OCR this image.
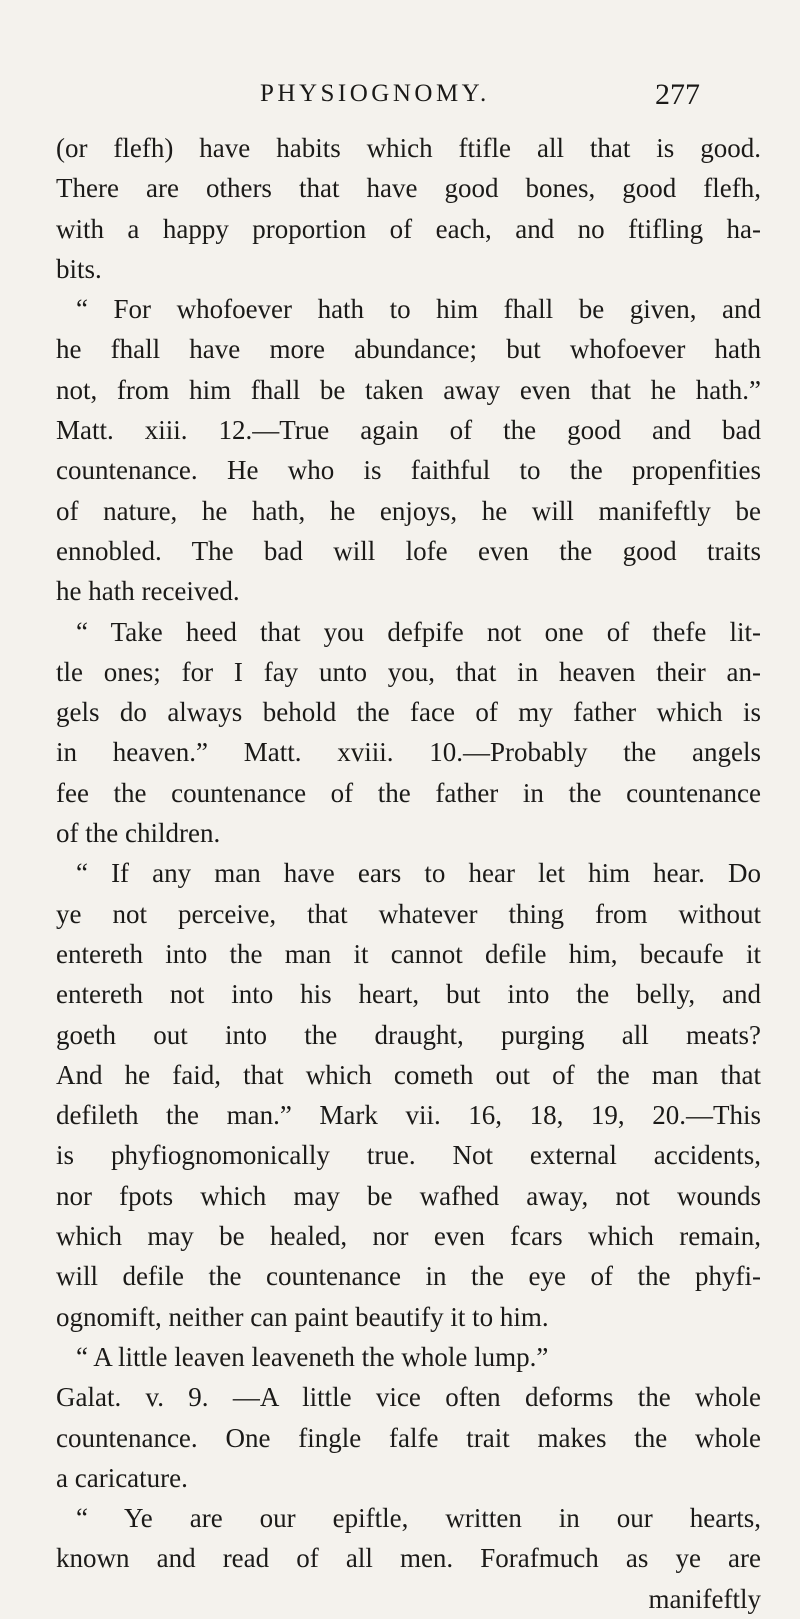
PHYSIOGNOMY.	277
(or flefh) have habits which ftifle all that is good.
There are others that have good bones, good flefh,
with a happy proportion of each, and no ftifling ha-
bits.
“ For whofoever hath to him fhall be given, and
he fhall have more abundance; but whofoever hath
not, from him fhall be taken away even that he hath.”
Matt. xiii. 12.—True again of the good and bad
countenance. He who is faithful to the propenfities
of nature, he hath, he enjoys, he will manifeftly be
ennobled. The bad will lofe even the good traits
he hath received.
“ Take heed that you defpife not one of thefe lit-
tle ones; for I fay unto you, that in heaven their an-
gels do always behold the face of my father which is
in heaven.” Matt. xviii. 10.—Probably the angels
fee the countenance of the father in the countenance
of the children.
“ If any man have ears to hear let him hear. Do
ye not perceive, that whatever thing from without
entereth into the man it cannot defile him, becaufe it
entereth not into his heart, but into the belly, and
goeth out into the draught, purging all meats?
And he faid, that which cometh out of the man that
defileth the man.” Mark vii. 16, 18, 19, 20.—This
is phyfiognomonically true. Not external accidents,
nor fpots which may be wafhed away, not wounds
which may be healed, nor even fcars which remain,
will defile the countenance in the eye of the phyfi-
ognomift, neither can paint beautify it to him.
“ A little leaven leaveneth the whole lump.”
Galat. v. 9. —A little vice often deforms the whole
countenance. One fingle falfe trait makes the whole
a caricature.
“ Ye are our epiftle, written in our hearts,
known and read of all men. Forafmuch as ye are
manifeftly
